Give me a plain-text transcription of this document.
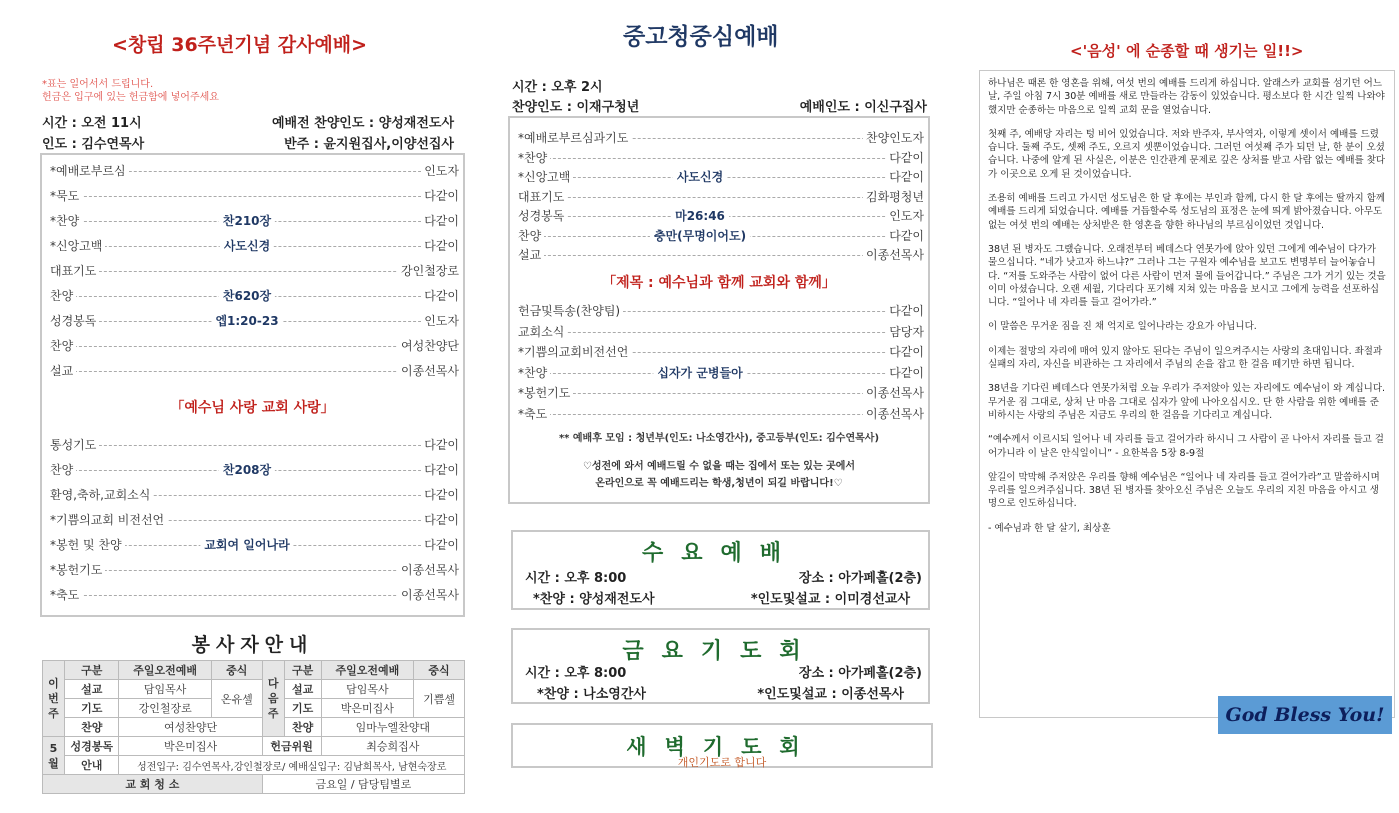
<창립 36주년기념 감사예배>
*표는 일어서서 드립니다.
헌금은 입구에 있는 헌금함에 넣어주세요
시간 : 오전 11시	예배전 찬양인도 : 양성재전도사
인도 : 김수연목사	반주 : 윤지원집사,이양선집사
*예배로부르심	인도자
*묵도	다같이
*찬양	찬210장	다같이
*신앙고백	사도신경	다같이
대표기도	강인철장로
찬양	찬620장	다같이
성경봉독	엡1:20-23	인도자
찬양	여성찬양단
설교	이종선목사
「예수님 사랑 교회 사랑」
통성기도	다같이
찬양	찬208장	다같이
환영,축하,교회소식	다같이
*기쁨의교회 비전선언	다같이
*봉헌 및 찬양	교회여 일어나라	다같이
*봉헌기도	이종선목사
*축도	이종선목사
봉사자안내
이번주	구분	주일오전예배	중식	다음주	구분	주일오전예배	중식
	설교	담임목사	온유셀		설교	담임목사	기쁨셀
	기도	강인철장로			기도	박은미집사	
	찬양	여성찬양단			찬양	임마누엘찬양대	
5월	성경봉독	박은미집사		헌금위원		최승희집사	
	안내	성전입구: 김수연목사,강인철장로/ 예배실입구: 김남희목사, 남현숙장로					
교 회 청 소				금요일 / 담당팀별로			
중고청중심예배
시간 : 오후 2시
찬양인도 : 이재구청년	예배인도 : 이신구집사
*예배로부르심과기도	찬양인도자
*찬양	다같이
*신앙고백	사도신경	다같이
대표기도	김화평청년
성경봉독	마26:46	인도자
찬양	충만(무명이어도)	다같이
설교	이종선목사
「제목 : 예수님과 함께 교회와 함께」
헌금및특송(찬양팀)	다같이
교회소식	담당자
*기쁨의교회비전선언	다같이
*찬양	십자가 군병들아	다같이
*봉헌기도	이종선목사
*축도	이종선목사
** 예배후 모임 : 청년부(인도: 나소영간사), 중고등부(인도: 김수연목사)
♡성전에 와서 예배드릴 수 없을 때는 집에서 또는 있는 곳에서
온라인으로 꼭 예배드리는 학생,청년이 되길 바랍니다!♡
수요예배
시간 : 오후 8:00	장소 : 아가페홀(2층)
*찬양 : 양성재전도사	*인도및설교 : 이미경선교사
금요기도회
시간 : 오후 8:00	장소 : 아가페홀(2층)
*찬양 : 나소영간사	*인도및설교 : 이종선목사
새벽기도회
개인기도로 합니다
<'음성' 에 순종할 때 생기는 일!!>

하나님은 때론 한 영혼을 위해, 여섯 번의 예배를 드리게 하십니다. 알래스카 교회를 섬기던 어느 날, 주일 아침 7시 30분 예배를 새로 만들라는 감동이 있었습니다. 평소보다 한 시간 일찍 나와야 했지만 순종하는 마음으로 일찍 교회 문을 열었습니다.

첫째 주, 예배당 자리는 텅 비어 있었습니다. 저와 반주자, 부사역자, 이렇게 셋이서 예배를 드렸습니다. 둘째 주도, 셋째 주도, 오르지 셋뿐이었습니다. 그러던 여섯째 주가 되던 날, 한 분이 오셨습니다. 나중에 알게 된 사실은, 이분은 인간관계 문제로 깊은 상처를 받고 사람 없는 예배를 찾다가 이곳으로 오게 된 것이었습니다.

조용히 예배를 드리고 가시던 성도님은 한 달 후에는 부인과 함께, 다시 한 달 후에는 딸까지 함께 예배를 드리게 되었습니다. 예배를 거듭할수록 성도님의 표정은 눈에 띄게 밝아졌습니다. 아무도 없는 여섯 번의 예배는 상처받은 한 영혼을 향한 하나님의 부르심이었던 것입니다.

38년 된 병자도 그랬습니다. 오래전부터 베데스다 연못가에 앉아 있던 그에게 예수님이 다가가 물으십니다. “네가 낫고자 하느냐?” 그러나 그는 구원자 예수님을 보고도 변명부터 늘어놓습니다. “저를 도와주는 사람이 없어 다른 사람이 먼저 물에 들어갑니다.” 주님은 그가 거기 있는 것을 이미 아셨습니다. 오랜 세월, 기다리다 포기해 지쳐 있는 마음을 보시고 그에게 능력을 선포하십니다. “일어나 네 자리를 들고 걸어가라.”

이 말씀은 무거운 짐을 진 채 억지로 일어나라는 강요가 아닙니다.

이제는 절망의 자리에 매여 있지 않아도 된다는 주님이 일으켜주시는 사랑의 초대입니다. 좌절과 실패의 자리, 자신을 비관하는 그 자리에서 주님의 손을 잡고 한 걸음 떼기만 하면 됩니다.

38년을 기다린 베데스다 연못가처럼 오늘 우리가 주저앉아 있는 자리에도 예수님이 와 계십니다. 무거운 짐 그대로, 상처 난 마음 그대로 십자가 앞에 나아오십시오. 단 한 사람을 위한 예배를 준비하시는 사랑의 주님은 지금도 우리의 한 걸음을 기다리고 계십니다.

“예수께서 이르시되 일어나 네 자리를 들고 걸어가라 하시니 그 사람이 곧 나아서 자리를 들고 걸어가니라 이 날은 안식일이니” - 요한복음 5장 8-9절

앞길이 막막해 주저앉은 우리를 향해 예수님은 “일어나 네 자리를 들고 걸어가라”고 말씀하시며 우리를 일으켜주십니다. 38년 된 병자를 찾아오신 주님은 오늘도 우리의 지친 마음을 아시고 생명으로 인도하십니다.

- 예수님과 한 달 살기, 최상훈

God Bless You!
